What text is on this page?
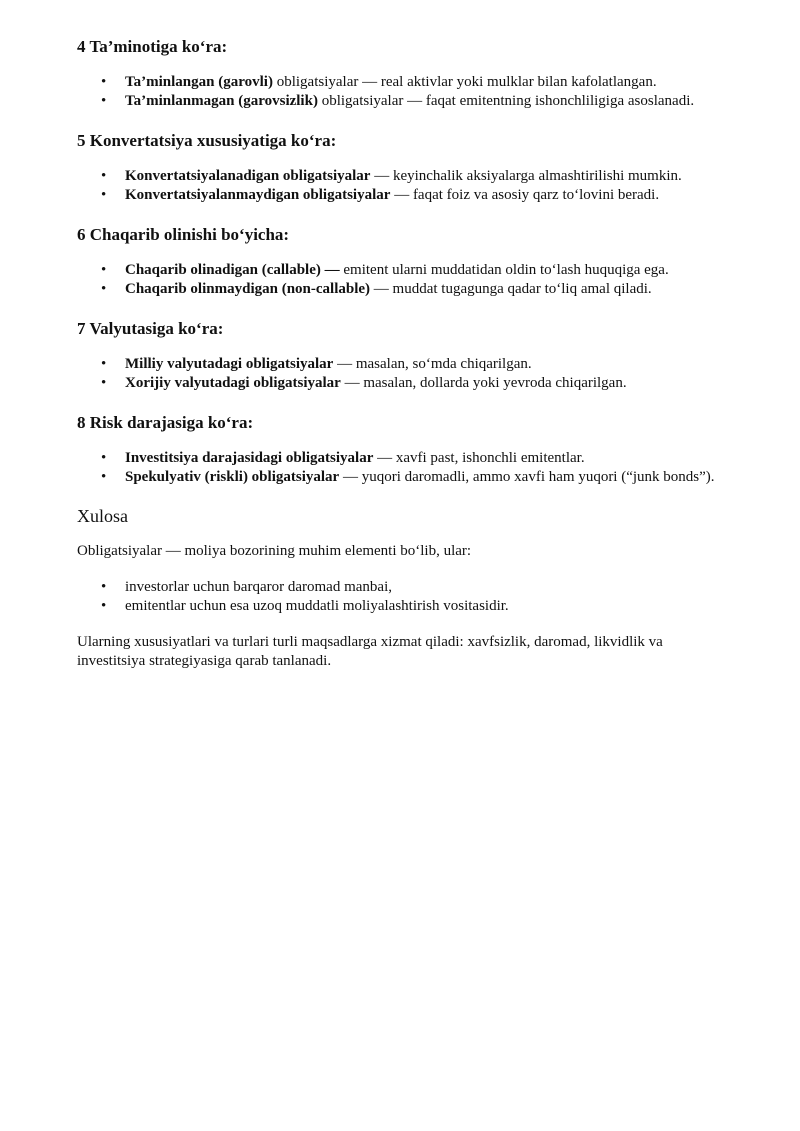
4 Ta’minotiga ko‘ra:
• Ta’minlangan (garovli) obligatsiyalar — real aktivlar yoki mulklar bilan kafolatlangan.
• Ta’minlanmagan (garovsizlik) obligatsiyalar — faqat emitentning ishonchliligiga asoslanadi.
5 Konvertatsiya xususiyatiga ko‘ra:
• Konvertatsiyalanadigan obligatsiyalar — keyinchalik aksiyalarga almashtirilishi mumkin.
• Konvertatsiyalanmaydigan obligatsiyalar — faqat foiz va asosiy qarz to‘lovini beradi.
6 Chaqarib olinishi bo‘yicha:
• Chaqarib olinadigan (callable) — emitent ularni muddatidan oldin to‘lash huquqiga ega.
• Chaqarib olinmaydigan (non-callable) — muddat tugagunga qadar to‘liq amal qiladi.
7 Valyutasiga ko‘ra:
• Milliy valyutadagi obligatsiyalar — masalan, so‘mda chiqarilgan.
• Xorijiy valyutadagi obligatsiyalar — masalan, dollarda yoki yevroda chiqarilgan.
8 Risk darajasiga ko‘ra:
• Investitsiya darajasidagi obligatsiyalar — xavfi past, ishonchli emitentlar.
• Spekulyativ (riskli) obligatsiyalar — yuqori daromadli, ammo xavfi ham yuqori (“junk bonds”).
Xulosa

Obligatsiyalar — moliya bozorining muhim elementi bo‘lib, ular:

• investorlar uchun barqaror daromad manbai,
• emitentlar uchun esa uzoq muddatli moliyalashtirish vositasidir.

Ularning xususiyatlari va turlari turli maqsadlarga xizmat qiladi: xavfsizlik, daromad, likvidlik va investitsiya strategiyasiga qarab tanlanadi.
